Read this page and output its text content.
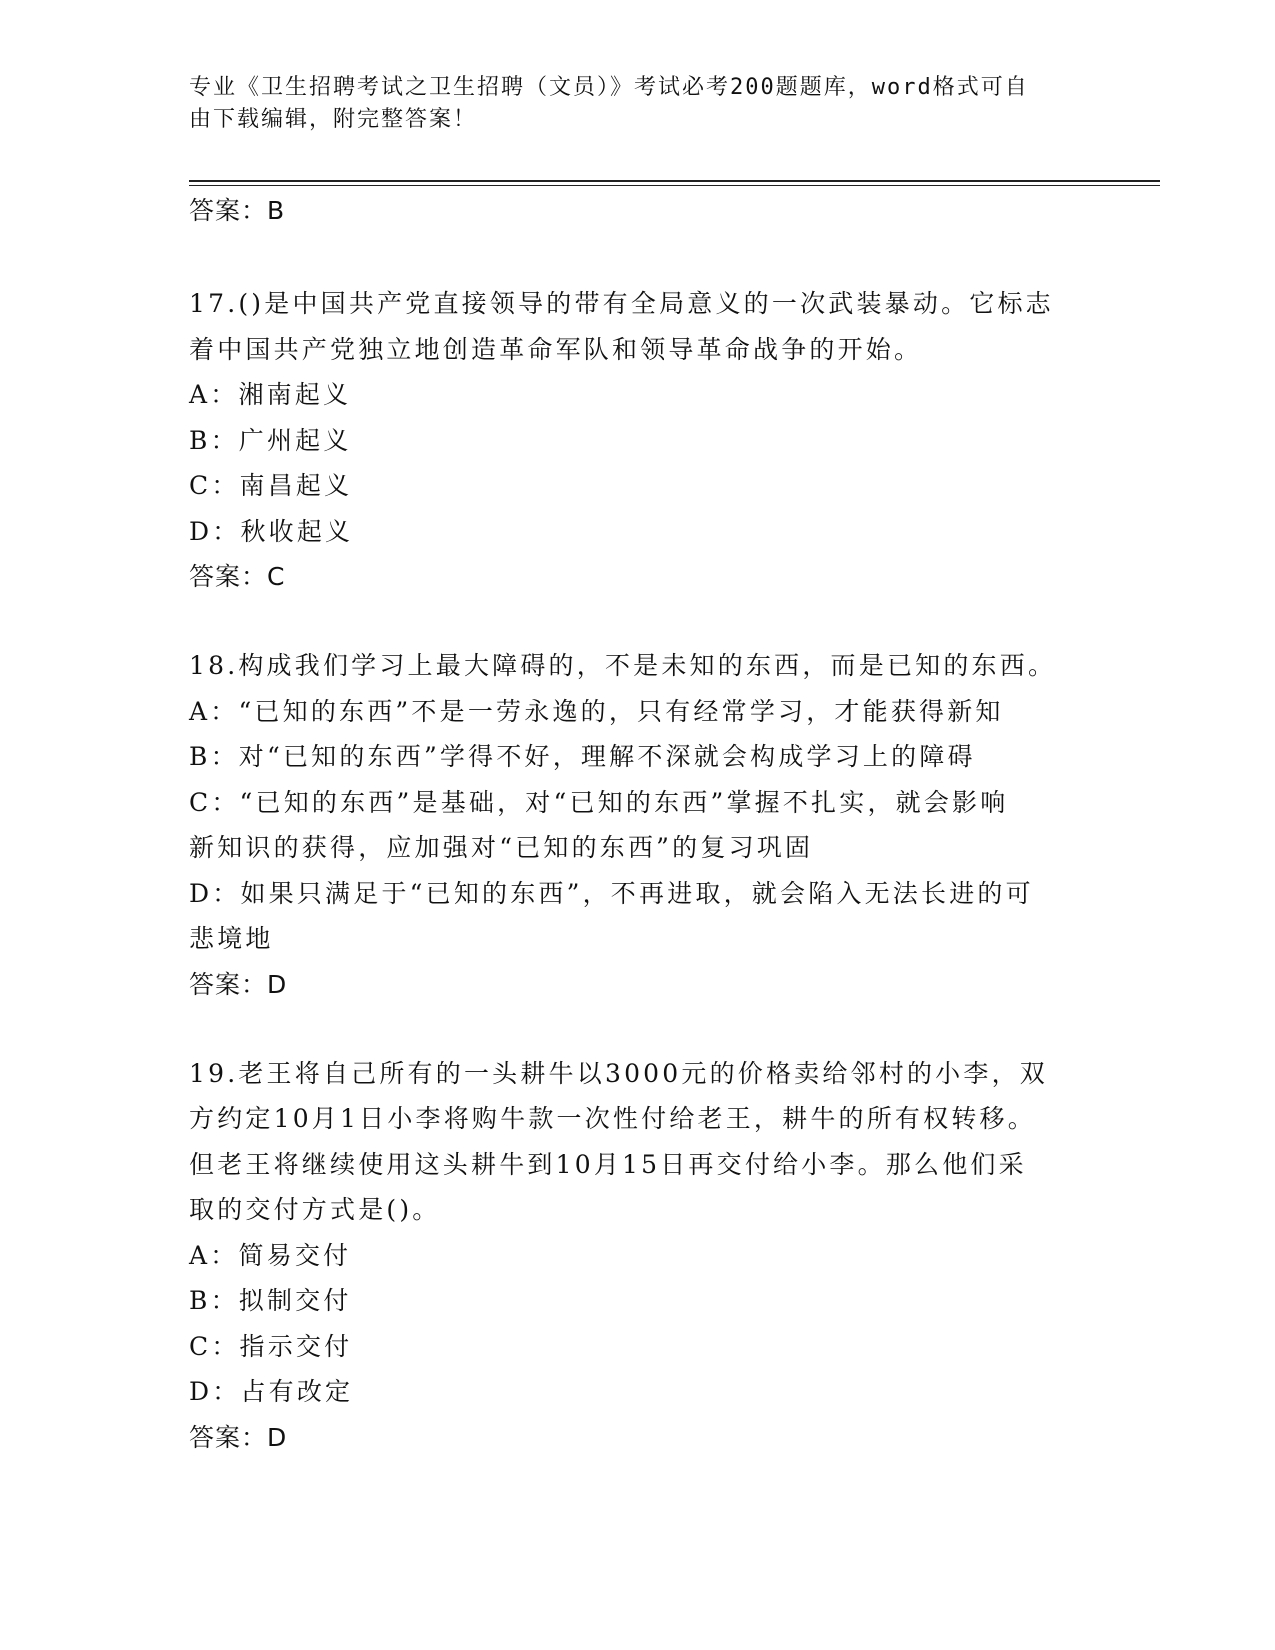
专业《卫生招聘考试之卫生招聘（文员）》考试必考200题题库，word格式可自
由下载编辑，附完整答案！

答案：B

17.()是中国共产党直接领导的带有全局意义的一次武装暴动。它标志

着中国共产党独立地创造革命军队和领导革命战争的开始。

A：湘南起义

B：广州起义

C：南昌起义

D：秋收起义

答案：C

18.构成我们学习上最大障碍的，不是未知的东西，而是已知的东西。

A：“已知的东西”不是一劳永逸的，只有经常学习，才能获得新知

B：对“已知的东西”学得不好，理解不深就会构成学习上的障碍

C：“已知的东西”是基础，对“已知的东西”掌握不扎实，就会影响

新知识的获得，应加强对“已知的东西”的复习巩固

D：如果只满足于“已知的东西”，不再进取，就会陷入无法长进的可

悲境地

答案：D

19.老王将自己所有的一头耕牛以3000元的价格卖给邻村的小李，双

方约定10月1日小李将购牛款一次性付给老王，耕牛的所有权转移。

但老王将继续使用这头耕牛到10月15日再交付给小李。那么他们采

取的交付方式是()。

A：简易交付

B：拟制交付

C：指示交付

D：占有改定

答案：D
